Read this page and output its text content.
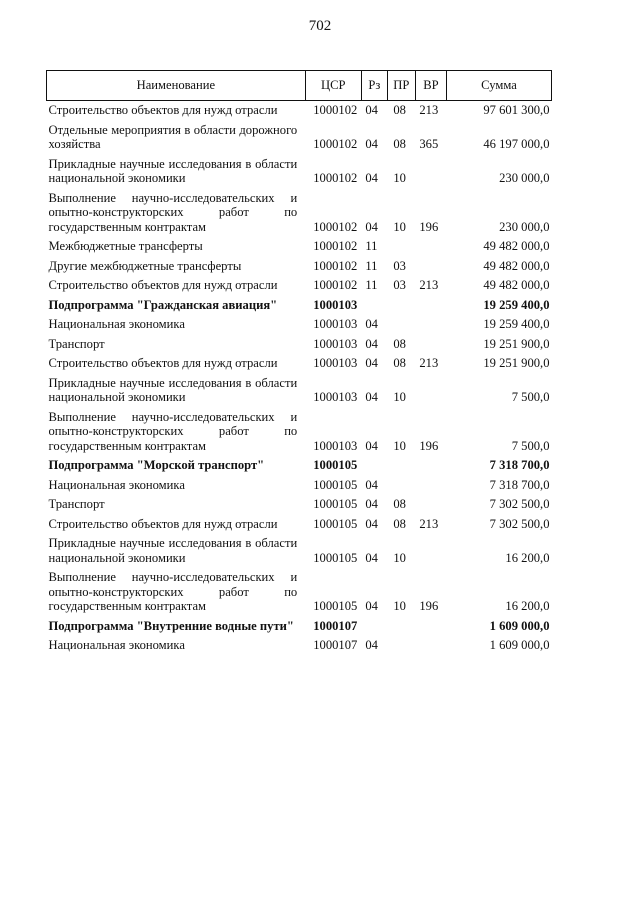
702
Наименование	ЦСР	Рз	ПР	ВР	Сумма
Строительство объектов для нужд отрасли	1000102	04	08	213	97 601 300,0
Отдельные мероприятия в области дорожного хозяйства	1000102	04	08	365	46 197 000,0
Прикладные научные исследования в области национальной экономики	1000102	04	10		230 000,0
Выполнение научно-исследовательских и опытно-конструкторских работ по государственным контрактам	1000102	04	10	196	230 000,0
Межбюджетные трансферты	1000102	11			49 482 000,0
Другие межбюджетные трансферты	1000102	11	03		49 482 000,0
Строительство объектов для нужд отрасли	1000102	11	03	213	49 482 000,0
Подпрограмма "Гражданская авиация"	1000103				19 259 400,0
Национальная экономика	1000103	04			19 259 400,0
Транспорт	1000103	04	08		19 251 900,0
Строительство объектов для нужд отрасли	1000103	04	08	213	19 251 900,0
Прикладные научные исследования в области национальной экономики	1000103	04	10		7 500,0
Выполнение научно-исследовательских и опытно-конструкторских работ по государственным контрактам	1000103	04	10	196	7 500,0
Подпрограмма "Морской транспорт"	1000105				7 318 700,0
Национальная экономика	1000105	04			7 318 700,0
Транспорт	1000105	04	08		7 302 500,0
Строительство объектов для нужд отрасли	1000105	04	08	213	7 302 500,0
Прикладные научные исследования в области национальной экономики	1000105	04	10		16 200,0
Выполнение научно-исследовательских и опытно-конструкторских работ по государственным контрактам	1000105	04	10	196	16 200,0
Подпрограмма "Внутренние водные пути"	1000107				1 609 000,0
Национальная экономика	1000107	04			1 609 000,0
